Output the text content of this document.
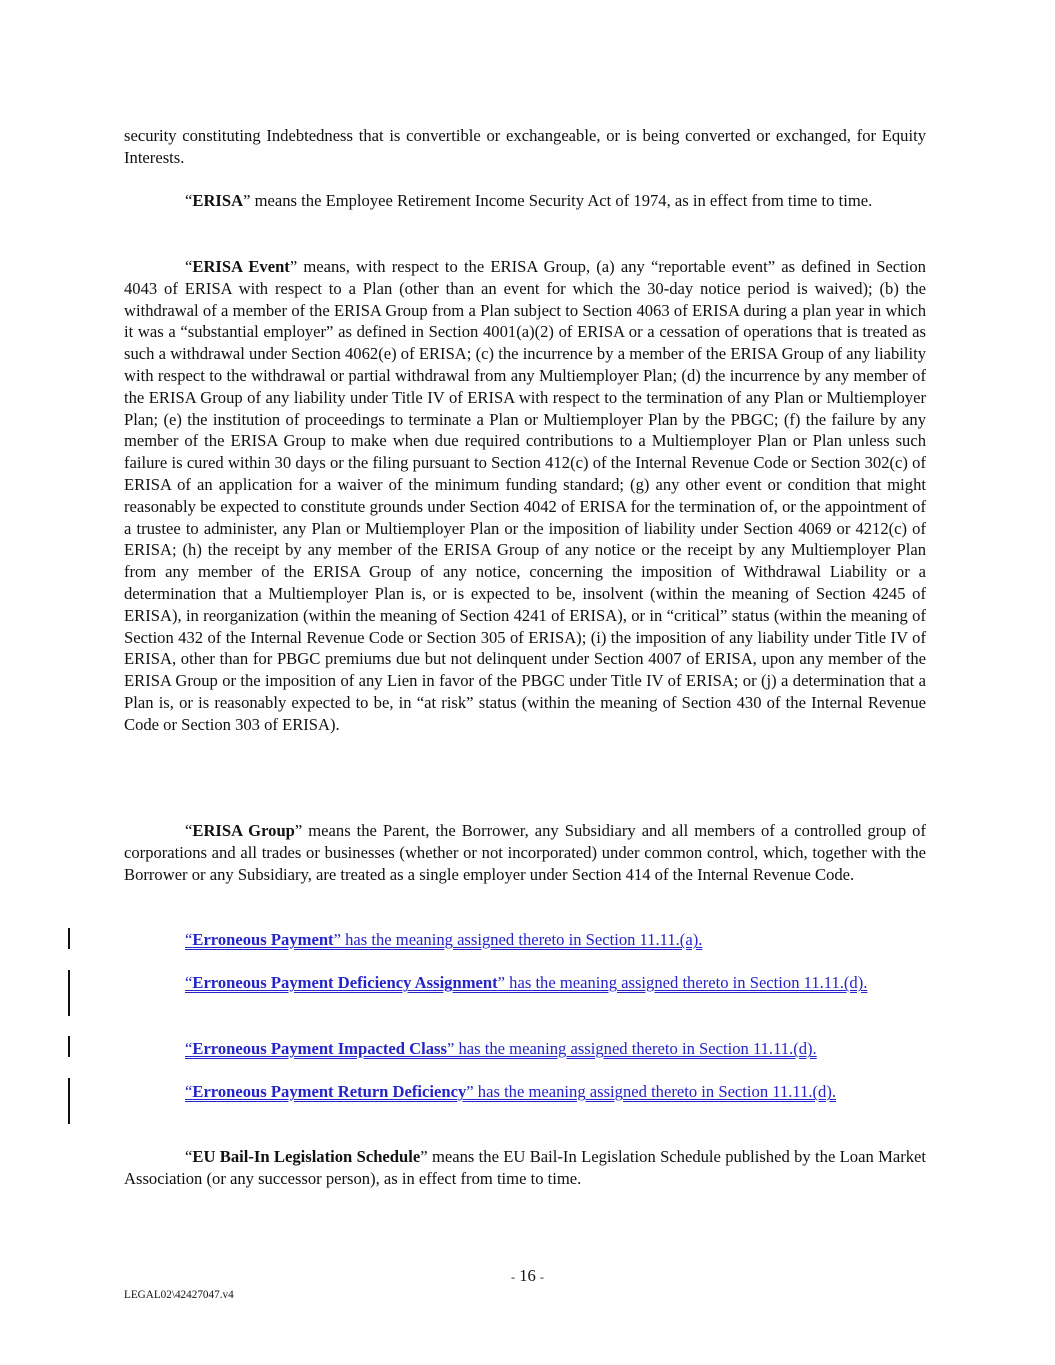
security constituting Indebtedness that is convertible or exchangeable, or is being converted or exchanged, for Equity Interests.
“ERISA” means the Employee Retirement Income Security Act of 1974, as in effect from time to time.
“ERISA Event” means, with respect to the ERISA Group, (a) any “reportable event” as defined in Section 4043 of ERISA with respect to a Plan (other than an event for which the 30-day notice period is waived); (b) the withdrawal of a member of the ERISA Group from a Plan subject to Section 4063 of ERISA during a plan year in which it was a “substantial employer” as defined in Section 4001(a)(2) of ERISA or a cessation of operations that is treated as such a withdrawal under Section 4062(e) of ERISA; (c) the incurrence by a member of the ERISA Group of any liability with respect to the withdrawal or partial withdrawal from any Multiemployer Plan; (d) the incurrence by any member of the ERISA Group of any liability under Title IV of ERISA with respect to the termination of any Plan or Multiemployer Plan; (e) the institution of proceedings to terminate a Plan or Multiemployer Plan by the PBGC; (f) the failure by any member of the ERISA Group to make when due required contributions to a Multiemployer Plan or Plan unless such failure is cured within 30 days or the filing pursuant to Section 412(c) of the Internal Revenue Code or Section 302(c) of ERISA of an application for a waiver of the minimum funding standard; (g) any other event or condition that might reasonably be expected to constitute grounds under Section 4042 of ERISA for the termination of, or the appointment of a trustee to administer, any Plan or Multiemployer Plan or the imposition of liability under Section 4069 or 4212(c) of ERISA; (h) the receipt by any member of the ERISA Group of any notice or the receipt by any Multiemployer Plan from any member of the ERISA Group of any notice, concerning the imposition of Withdrawal Liability or a determination that a Multiemployer Plan is, or is expected to be, insolvent (within the meaning of Section 4245 of ERISA), in reorganization (within the meaning of Section 4241 of ERISA), or in “critical” status (within the meaning of Section 432 of the Internal Revenue Code or Section 305 of ERISA); (i) the imposition of any liability under Title IV of ERISA, other than for PBGC premiums due but not delinquent under Section 4007 of ERISA, upon any member of the ERISA Group or the imposition of any Lien in favor of the PBGC under Title IV of ERISA; or (j) a determination that a Plan is, or is reasonably expected to be, in “at risk” status (within the meaning of Section 430 of the Internal Revenue Code or Section 303 of ERISA).
“ERISA Group” means the Parent, the Borrower, any Subsidiary and all members of a controlled group of corporations and all trades or businesses (whether or not incorporated) under common control, which, together with the Borrower or any Subsidiary, are treated as a single employer under Section 414 of the Internal Revenue Code.
“Erroneous Payment” has the meaning assigned thereto in Section 11.11.(a).
“Erroneous Payment Deficiency Assignment” has the meaning assigned thereto in Section 11.11.(d).
“Erroneous Payment Impacted Class” has the meaning assigned thereto in Section 11.11.(d).
“Erroneous Payment Return Deficiency” has the meaning assigned thereto in Section 11.11.(d).
“EU Bail-In Legislation Schedule” means the EU Bail-In Legislation Schedule published by the Loan Market Association (or any successor person), as in effect from time to time.
- 16 -
LEGAL02\42427047.v4
